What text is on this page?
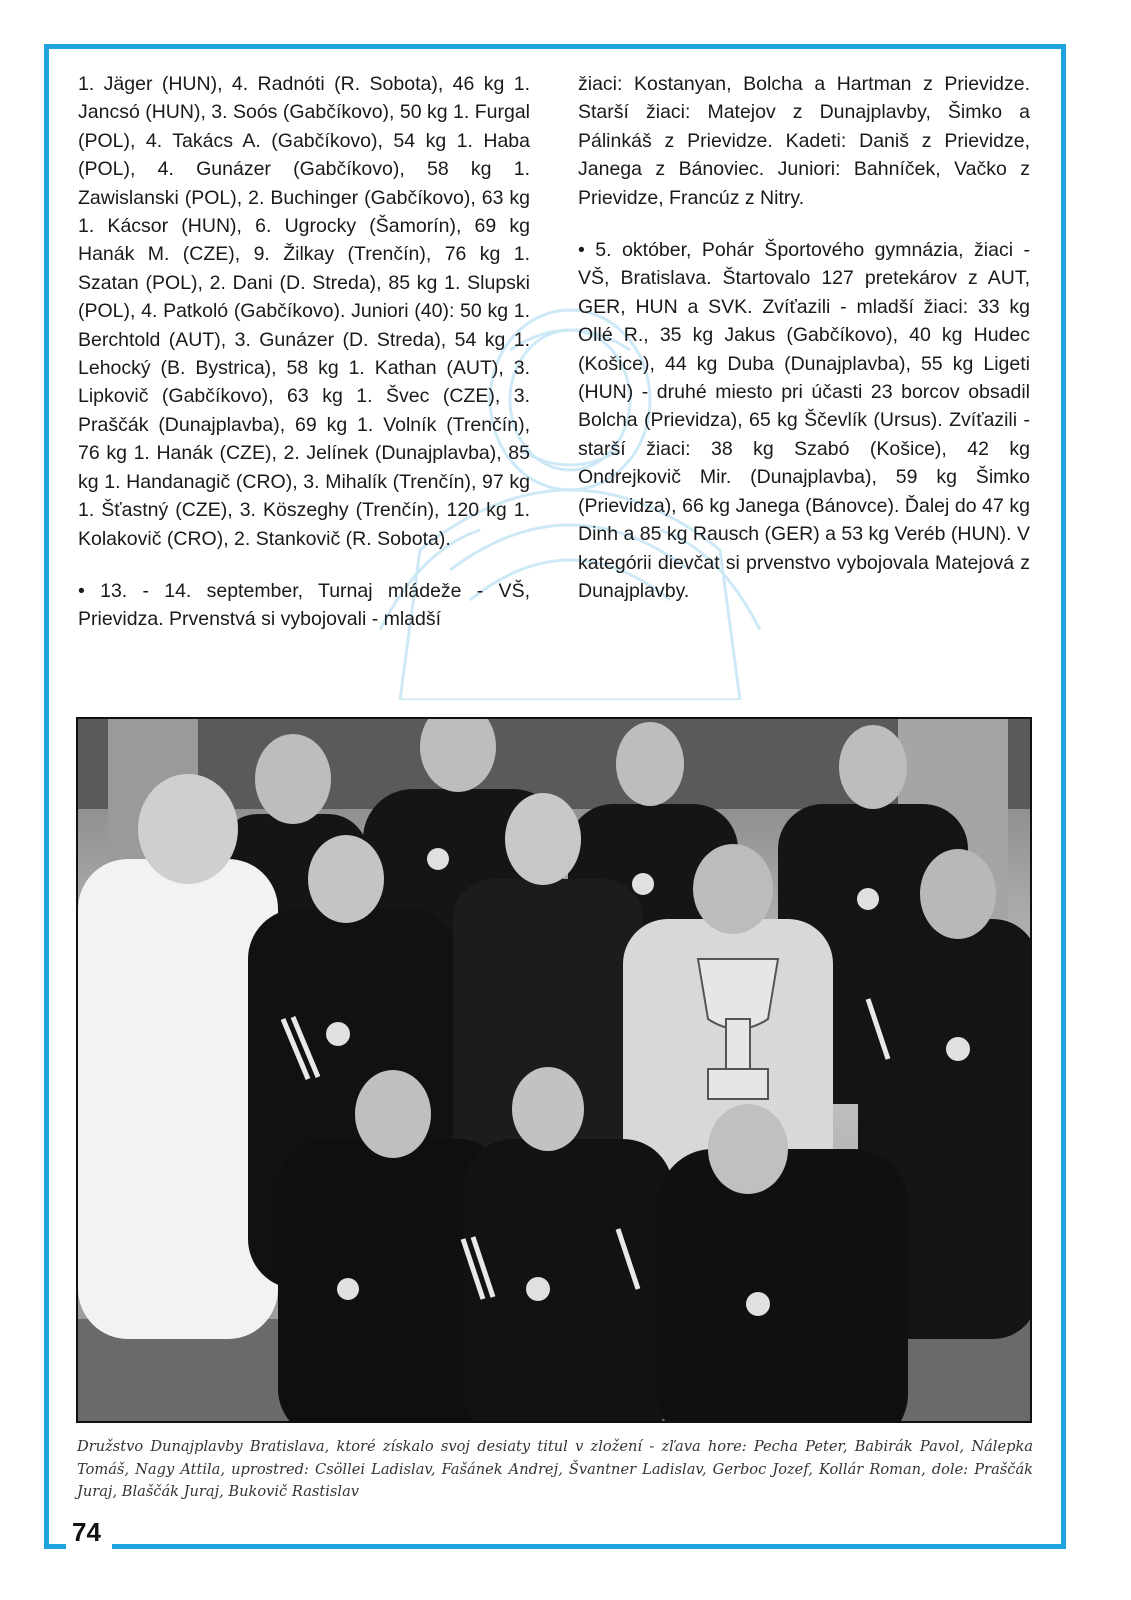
1. Jäger (HUN), 4. Radnóti (R. Sobota), 46 kg 1. Jancsó (HUN), 3. Soós (Gabčíkovo), 50 kg 1. Furgal (POL), 4. Takács A. (Gabčíkovo), 54 kg 1. Haba (POL), 4. Gunázer (Gabčíkovo), 58 kg 1. Zawislanski (POL), 2. Buchinger (Gabčíkovo), 63 kg 1. Kácsor (HUN), 6. Ugrocky (Šamorín), 69 kg Hanák M. (CZE), 9. Žilkay (Trenčín), 76 kg 1. Szatan (POL), 2. Dani (D. Streda), 85 kg 1. Slupski (POL), 4. Patkoló (Gabčíkovo). Juniori (40): 50 kg 1. Berchtold (AUT), 3. Gunázer (D. Streda), 54 kg 1. Lehocký (B. Bystrica), 58 kg 1. Kathan (AUT), 3. Lipkovič (Gabčíkovo), 63 kg 1. Švec (CZE), 3. Praščák (Dunajplavba), 69 kg 1. Volník (Trenčín), 76 kg 1. Hanák (CZE), 2. Jelínek (Dunajplavba), 85 kg 1. Handanagič (CRO), 3. Mihalík (Trenčín), 97 kg 1. Šťastný (CZE), 3. Köszeghy (Trenčín), 120 kg 1. Kolakovič (CRO), 2. Stankovič (R. Sobota).

• 13. - 14. september, Turnaj mládeže - VŠ, Prievidza. Prvenstvá si vybojovali - mladší

žiaci: Kostanyan, Bolcha a Hartman z Prievidze. Starší žiaci: Matejov z Dunajplavby, Šimko a Pálinkáš z Prievidze. Kadeti: Daniš z Prievidze, Janega z Bánoviec. Juniori: Bahníček, Vačko z Prievidze, Francúz z Nitry.

• 5. október, Pohár Športového gymnázia, žiaci - VŠ, Bratislava. Štartovalo 127 pretekárov z AUT, GER, HUN a SVK. Zvíťazili - mladší žiaci: 33 kg Ollé R., 35 kg Jakus (Gabčíkovo), 40 kg Hudec (Košice), 44 kg Duba (Dunajplavba), 55 kg Ligeti (HUN) - druhé miesto pri účasti 23 borcov obsadil Bolcha (Prievidza), 65 kg Ščevlík (Ursus). Zvíťazili - starší žiaci: 38 kg Szabó (Košice), 42 kg Ondrejkovič Mir. (Dunajplavba), 59 kg Šimko (Prievidza), 66 kg Janega (Bánovce). Ďalej do 47 kg Dinh a 85 kg Rausch (GER) a 53 kg Veréb (HUN). V kategórii dievčat si prvenstvo vybojovala Matejová z Dunajplavby.

Družstvo Dunajplavby Bratislava, ktoré získalo svoj desiaty titul v zložení - zľava hore: Pecha Peter, Babirák Pavol, Nálepka Tomáš, Nagy Attila, uprostred: Csöllei Ladislav, Fašánek Andrej, Švantner Ladislav, Gerboc Jozef, Kollár Roman, dole: Praščák Juraj, Blaščák Juraj, Bukovič Rastislav
74
